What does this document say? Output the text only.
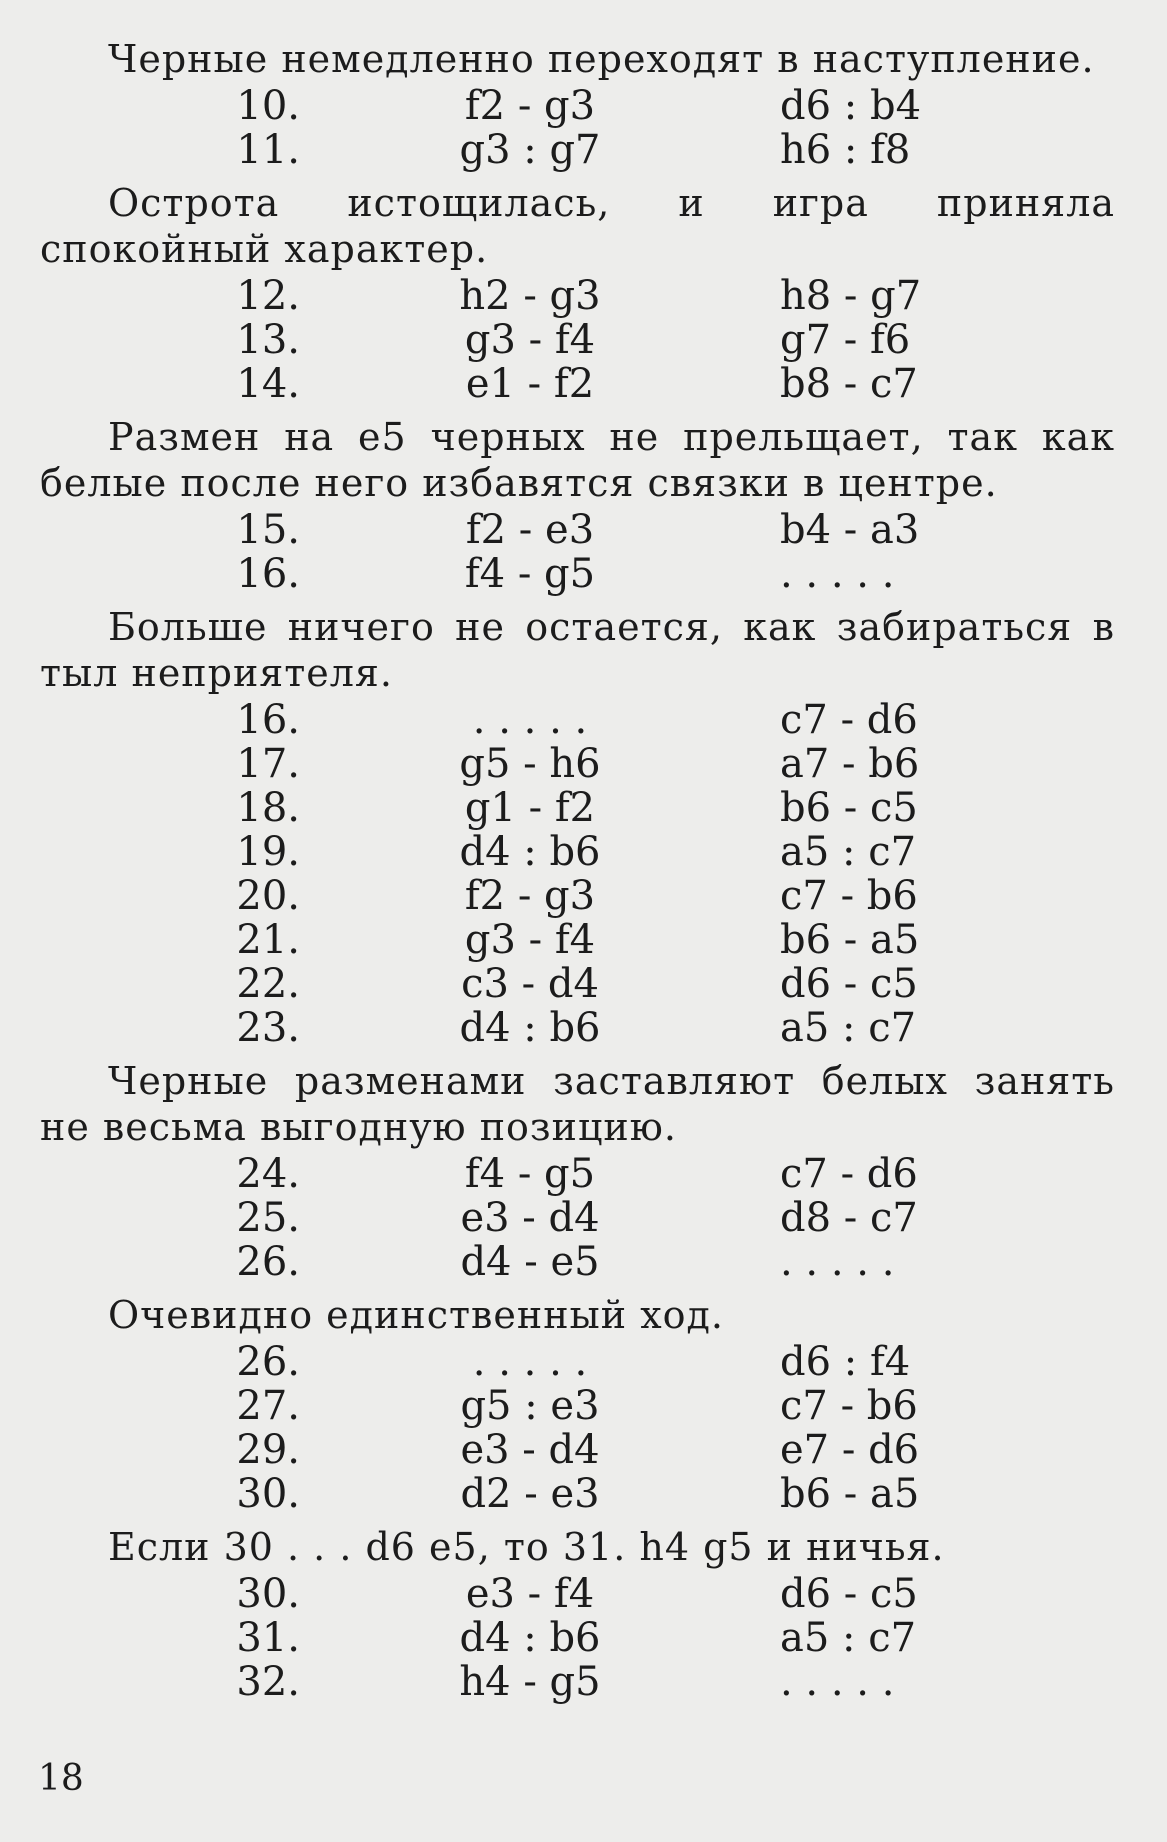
Черные немедленно переходят в наступление.
10.	f2 - g3	d6 : b4
11.	g3 : g7	h6 : f8
Острота истощилась, и игра приняла спокойный характер.
12.	h2 - g3	h8 - g7
13.	g3 - f4	g7 - f6
14.	e1 - f2	b8 - c7
Размен на e5 черных не прельщает, так как белые после него избавятся связки в центре.
15.	f2 - e3	b4 - a3
16.	f4 - g5	. . . . .
Больше ничего не остается, как забираться в тыл неприятеля.
16.	. . . . .	c7 - d6
17.	g5 - h6	a7 - b6
18.	g1 - f2	b6 - c5
19.	d4 : b6	a5 : c7
20.	f2 - g3	c7 - b6
21.	g3 - f4	b6 - a5
22.	c3 - d4	d6 - c5
23.	d4 : b6	a5 : c7
Черные разменами заставляют белых занять не весьма выгодную позицию.
24.	f4 - g5	c7 - d6
25.	e3 - d4	d8 - c7
26.	d4 - e5	. . . . .
Очевидно единственный ход.
26.	. . . . .	d6 : f4
27.	g5 : e3	c7 - b6
29.	e3 - d4	e7 - d6
30.	d2 - e3	b6 - a5
Если 30 . . . d6 e5, то 31. h4 g5 и ничья.
30.	e3 - f4	d6 - c5
31.	d4 : b6	a5 : c7
32.	h4 - g5	. . . . .
18
